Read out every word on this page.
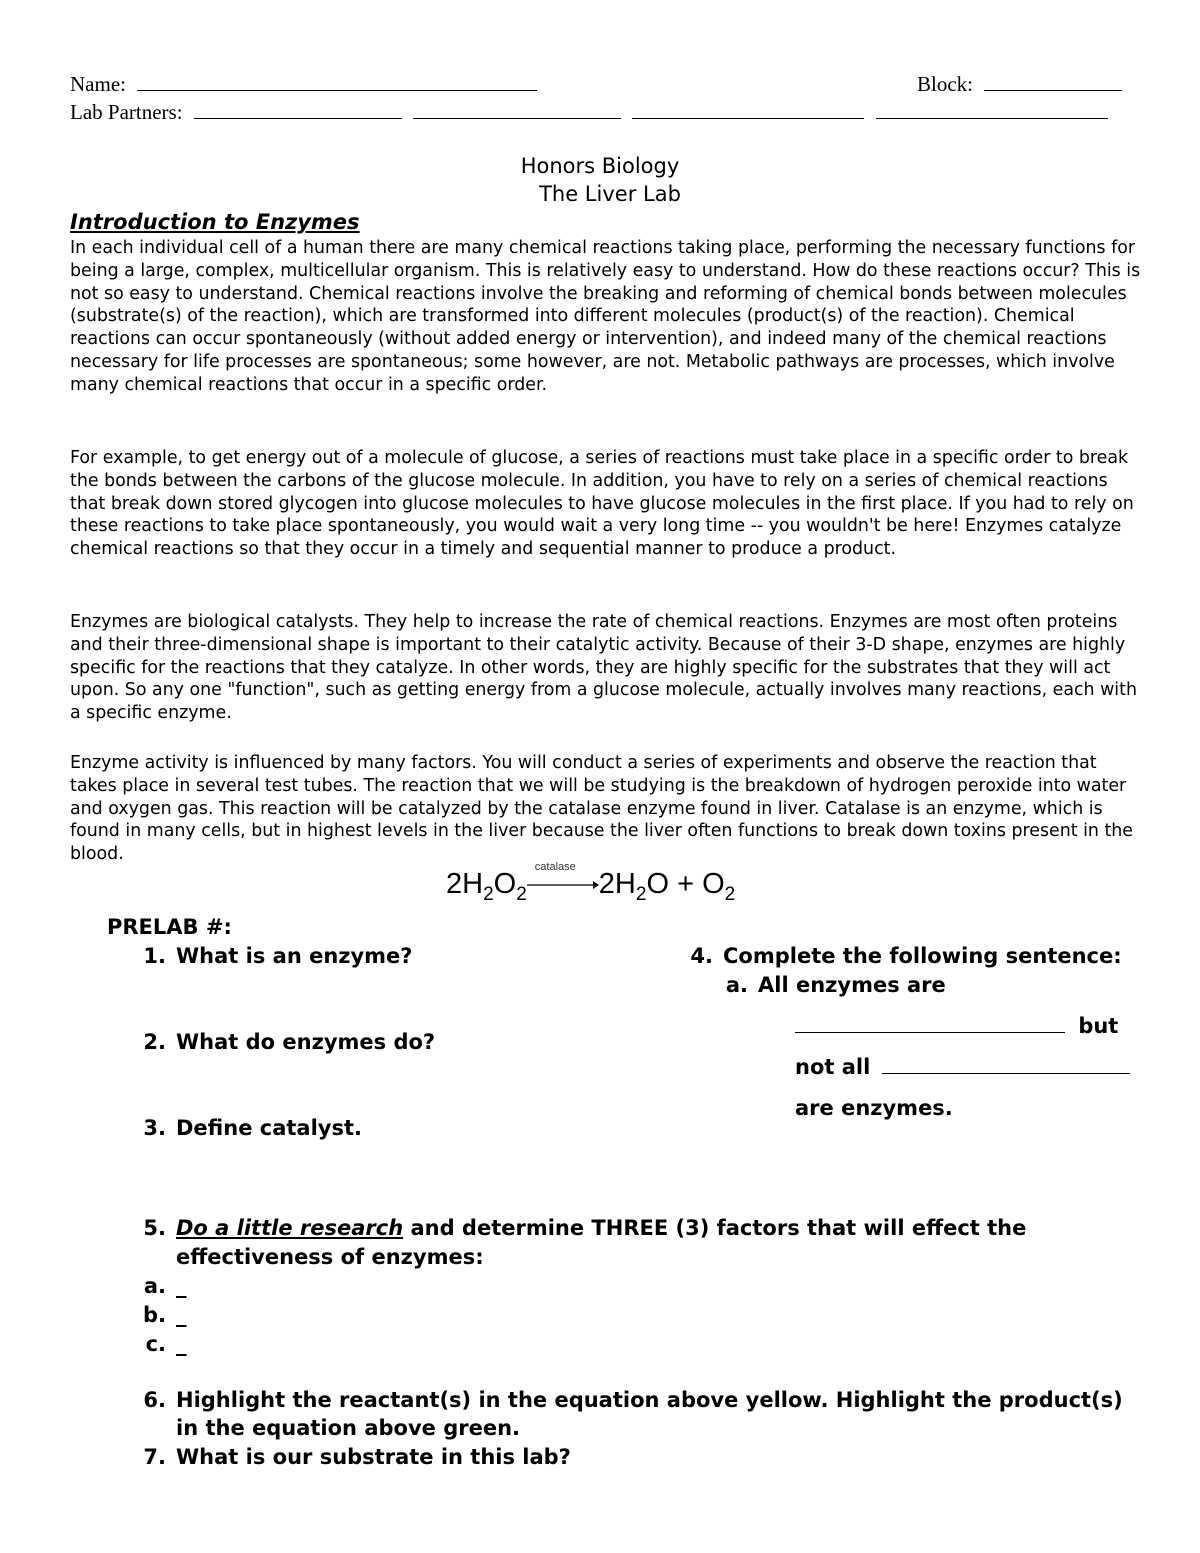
Name:	Block:
Lab Partners:
Honors Biology
The Liver Lab
Introduction to Enzymes

In each individual cell of a human there are many chemical reactions taking place, performing the necessary functions for being a large, complex, multicellular organism. This is relatively easy to understand. How do these reactions occur? This is not so easy to understand. Chemical reactions involve the breaking and reforming of chemical bonds between molecules (substrate(s) of the reaction), which are transformed into different molecules (product(s) of the reaction). Chemical reactions can occur spontaneously (without added energy or intervention), and indeed many of the chemical reactions necessary for life processes are spontaneous; some however, are not. Metabolic pathways are processes, which involve many chemical reactions that occur in a specific order.

For example, to get energy out of a molecule of glucose, a series of reactions must take place in a specific order to break the bonds between the carbons of the glucose molecule. In addition, you have to rely on a series of chemical reactions that break down stored glycogen into glucose molecules to have glucose molecules in the first place. If you had to rely on these reactions to take place spontaneously, you would wait a very long time -- you wouldn't be here! Enzymes catalyze chemical reactions so that they occur in a timely and sequential manner to produce a product.

Enzymes are biological catalysts. They help to increase the rate of chemical reactions. Enzymes are most often proteins and their three-dimensional shape is important to their catalytic activity. Because of their 3-D shape, enzymes are highly specific for the reactions that they catalyze. In other words, they are highly specific for the substrates that they will act upon. So any one "function", such as getting energy from a glucose molecule, actually involves many reactions, each with a specific enzyme.

Enzyme activity is influenced by many factors. You will conduct a series of experiments and observe the reaction that takes place in several test tubes. The reaction that we will be studying is the breakdown of hydrogen peroxide into water and oxygen gas. This reaction will be catalyzed by the catalase enzyme found in liver. Catalase is an enzyme, which is found in many cells, but in highest levels in the liver because the liver often functions to break down toxins present in the blood.

$2H_2O_2$
catalase
$2H_2O + O_2$
PRELAB #:
1. What is an enzyme?
2. What do enzymes do?
3. Define catalyst.
4. Complete the following sentence:
a. All enzymes are
but
not all
are enzymes.
5. Do a little research and determine THREE (3) factors that will effect the
effectiveness of enzymes:
a. _
b. _
c. _
6. Highlight the reactant(s) in the equation above yellow. Highlight the product(s)
in the equation above green.
7. What is our substrate in this lab?
